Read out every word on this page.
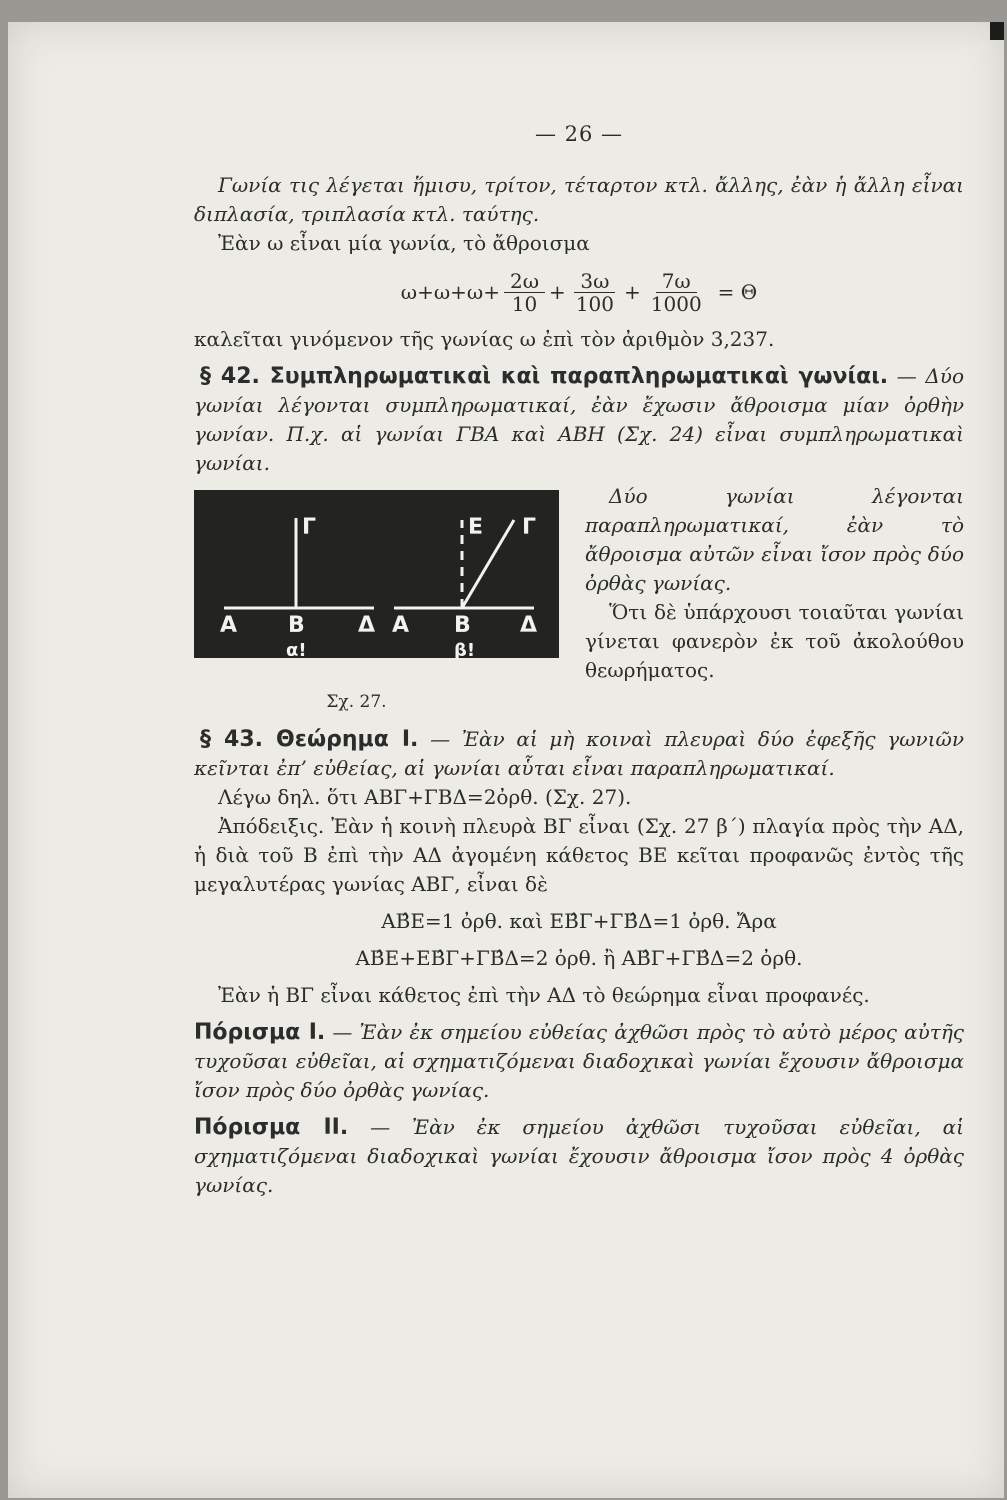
— 26 —

Γωνία τις λέγεται ἥμισυ, τρίτον, τέταρτον κτλ. ἄλλης, ἐὰν ἡ ἄλλη εἶναι διπλασία, τριπλασία κτλ. ταύτης.

Ἐὰν ω εἶναι μία γωνία, τὸ ἄθροισμα

$\omega+\omega+\omega+ \frac{2\omega}{10} + \frac{3\omega}{100} + \frac{7\omega}{1000} = \Theta$

καλεῖται γινόμενον τῆς γωνίας ω ἐπὶ τὸν ἀριθμὸν 3,237.

§ 42. Συμπληρωματικαὶ καὶ παραπληρωματικαὶ γωνίαι. — Δύο γωνίαι λέγονται συμπληρωματικαί, ἐὰν ἔχωσιν ἄθροισμα μίαν ὀρθὴν γωνίαν. Π.χ. αἱ γωνίαι ΓΒΑ καὶ ΑΒΗ (Σχ. 24) εἶναι συμπληρωματικαὶ γωνίαι.

Γ
Α Β Δ
α!
Ε Γ
Α Β Δ
β!
Σχ. 27.

Δύο γωνίαι λέγονται παραπληρωματικαί, ἐὰν τὸ ἄθροισμα αὐτῶν εἶναι ἴσον πρὸς δύο ὀρθὰς γωνίας.

Ὅτι δὲ ὑπάρχουσι τοιαῦται γωνίαι γίνεται φανερὸν ἐκ τοῦ ἀκολούθου θεωρήματος.

§ 43. Θεώρημα Ι. — Ἐὰν αἱ μὴ κοιναὶ πλευραὶ δύο ἐφεξῆς γωνιῶν κεῖνται ἐπ’ εὐθείας, αἱ γωνίαι αὗται εἶναι παραπληρωματικαί.

Λέγω δηλ. ὅτι ΑΒΓ+ΓΒΔ=2ὀρθ. (Σχ. 27).

Ἀπόδειξις. Ἐὰν ἡ κοινὴ πλευρὰ ΒΓ εἶναι (Σχ. 27 β΄) πλαγία πρὸς τὴν ΑΔ, ἡ διὰ τοῦ Β ἐπὶ τὴν ΑΔ ἀγομένη κάθετος ΒΕ κεῖται προφανῶς ἐντὸς τῆς μεγαλυτέρας γωνίας ΑΒΓ, εἶναι δὲ

ΑΒ̂Ε=1 ὀρθ. καὶ ΕΒ̂Γ+ΓΒ̂Δ=1 ὀρθ. Ἄρα
ΑΒ̂Ε+ΕΒ̂Γ+ΓΒ̂Δ=2 ὀρθ. ἢ ΑΒ̂Γ+ΓΒ̂Δ=2 ὀρθ.

Ἐὰν ἡ ΒΓ εἶναι κάθετος ἐπὶ τὴν ΑΔ τὸ θεώρημα εἶναι προφανές.

Πόρισμα Ι. — Ἐὰν ἐκ σημείου εὐθείας ἀχθῶσι πρὸς τὸ αὐτὸ μέρος αὐτῆς τυχοῦσαι εὐθεῖαι, αἱ σχηματιζόμεναι διαδοχικαὶ γωνίαι ἔχουσιν ἄθροισμα ἴσον πρὸς δύο ὀρθὰς γωνίας.

Πόρισμα ΙΙ. — Ἐὰν ἐκ σημείου ἀχθῶσι τυχοῦσαι εὐθεῖαι, αἱ σχηματιζόμεναι διαδοχικαὶ γωνίαι ἔχουσιν ἄθροισμα ἴσον πρὸς 4 ὀρθὰς γωνίας.
